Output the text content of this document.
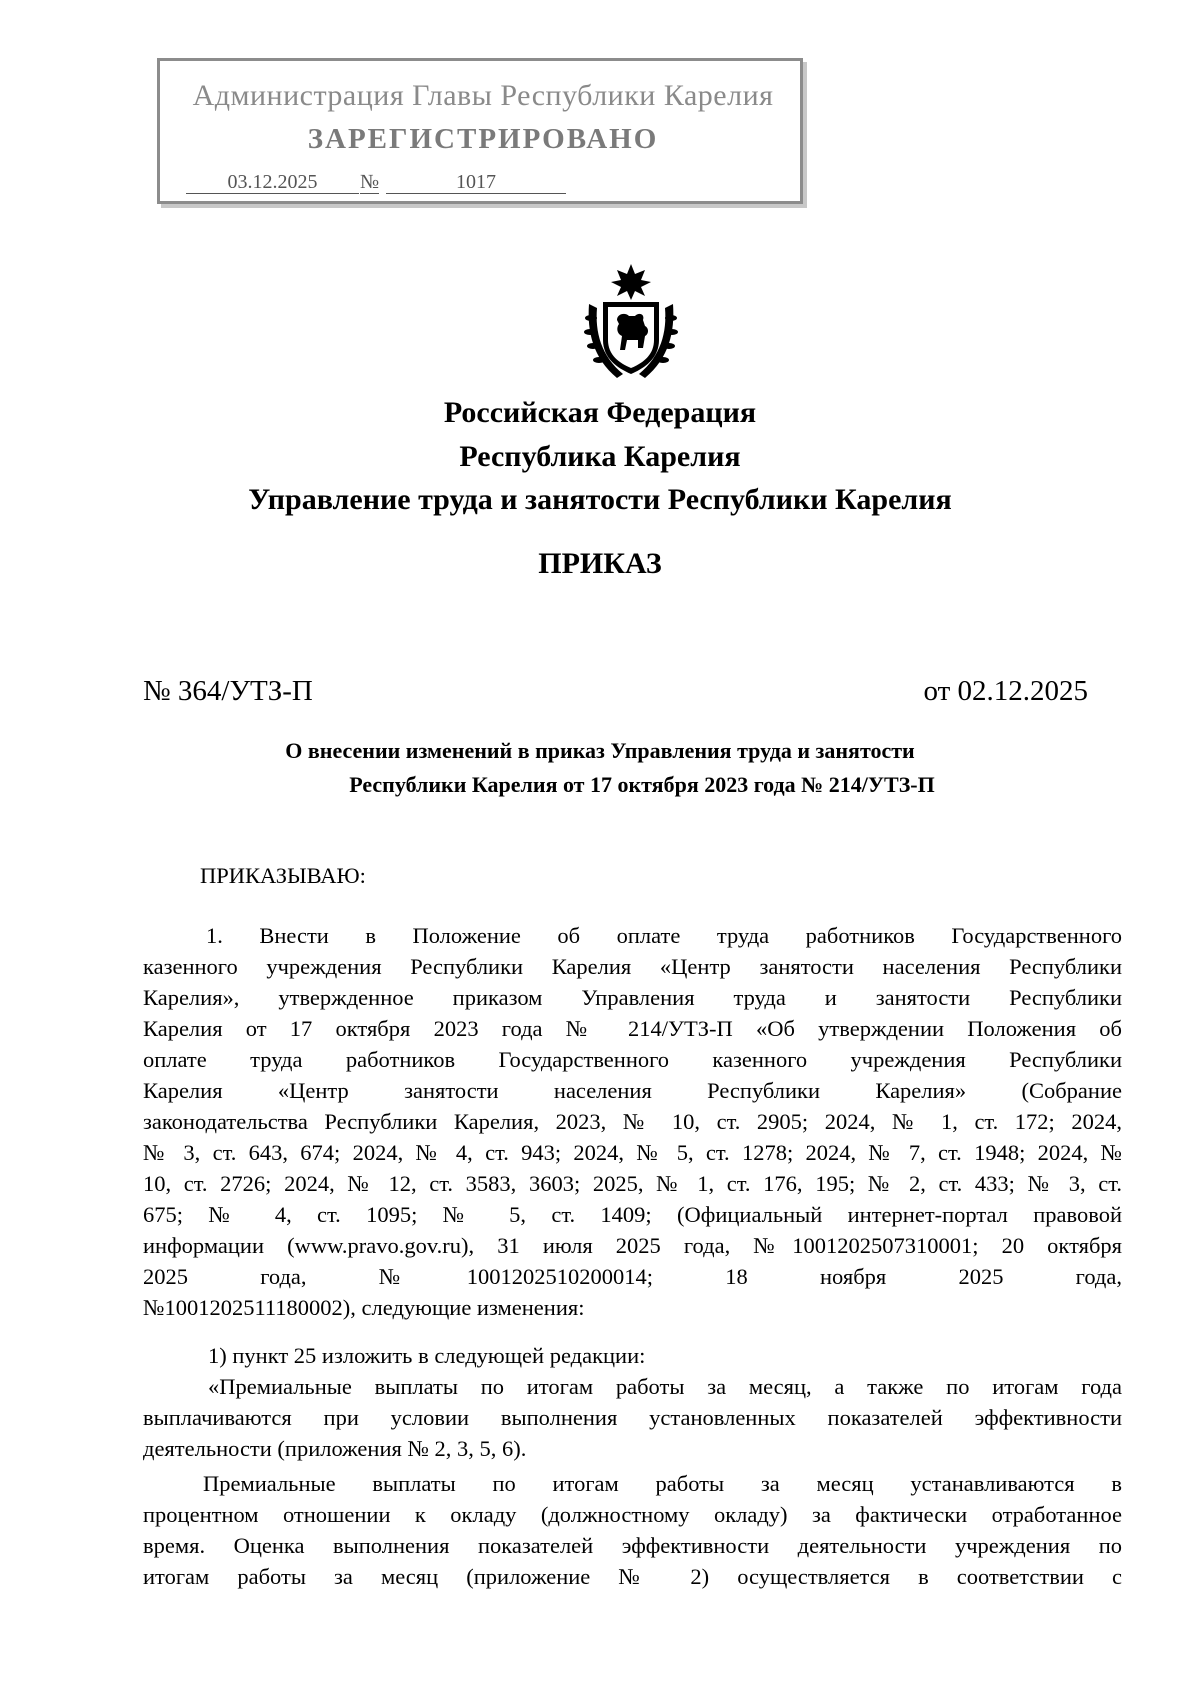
Администрация Главы Республики Карелия
ЗАРЕГИСТРИРОВАНО
03.12.2025	№	1017
Российская Федерация
Республика Карелия
Управление труда и занятости Республики Карелия
ПРИКАЗ
№ 364/УТЗ-П	от 02.12.2025
О внесении изменений в приказ Управления труда и занятости
Республики Карелия от 17 октября 2023 года № 214/УТЗ-П
ПРИКАЗЫВАЮ:
1. Внести в Положение об оплате труда работников Государственного
казенного учреждения Республики Карелия «Центр занятости населения Республики
Карелия», утвержденное приказом Управления труда и занятости Республики
Карелия от 17 октября 2023 года № 214/УТЗ-П «Об утверждении Положения об
оплате труда работников Государственного казенного учреждения Республики
Карелия «Центр занятости населения Республики Карелия» (Собрание
законодательства Республики Карелия, 2023, № 10, ст. 2905; 2024, № 1, ст. 172; 2024,
№ 3, ст. 643, 674; 2024, № 4, ст. 943; 2024, № 5, ст. 1278; 2024, № 7, ст. 1948; 2024, №
10, ст. 2726; 2024, № 12, ст. 3583, 3603; 2025, № 1, ст. 176, 195; № 2, ст. 433; № 3, ст.
675; № 4, ст. 1095; № 5, ст. 1409; (Официальный интернет-портал правовой
информации (www.pravo.gov.ru), 31 июля 2025 года, №1001202507310001; 20 октября
2025 года, №1001202510200014; 18 ноября 2025 года,
№1001202511180002), следующие изменения:
1) пункт 25 изложить в следующей редакции:
«Премиальные выплаты по итогам работы за месяц, а также по итогам года
выплачиваются при условии выполнения установленных показателей эффективности
деятельности (приложения № 2, 3, 5, 6).
Премиальные выплаты по итогам работы за месяц устанавливаются в
процентном отношении к окладу (должностному окладу) за фактически отработанное
время. Оценка выполнения показателей эффективности деятельности учреждения по
итогам работы за месяц (приложение № 2) осуществляется в соответствии с
